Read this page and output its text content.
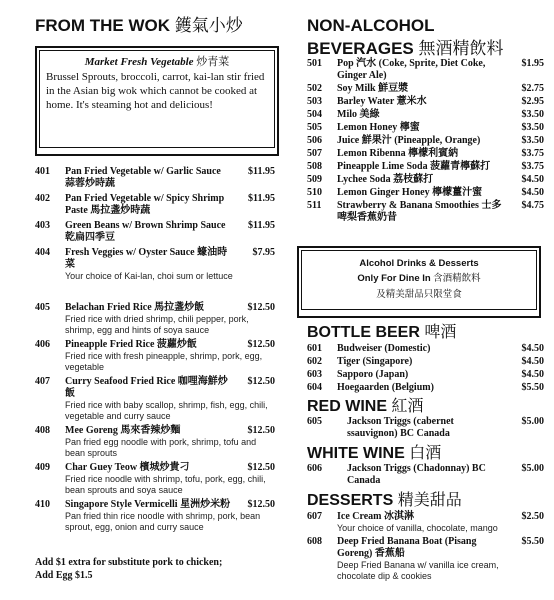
FROM THE WOK 鑊氣小炒
Market Fresh Vegetable 炒青菜
Brussel Sprouts, broccoli, carrot, kai-lan stir fried in the Asian big wok which cannot be cooked at home. It's steaming hot and delicious!
401 Pan Fried Vegetable w/ Garlic Sauce 蒜蓉炒時蔬
$11.95
402 Pan Fried Vegetable w/ Spicy Shrimp Paste 馬拉盞炒時蔬
$11.95
403 Green Beans w/ Brown Shrimp Sauce 乾扁四季豆
$11.95
404 Fresh Veggies w/ Oyster Sauce 蠔油時菜
$7.95
Your choice of Kai-lan, choi sum or lettuce
405 Belachan Fried Rice 馬拉盞炒飯	$12.50
Fried rice with dried shrimp, chili pepper, pork, shrimp, egg and hints of soya sauce
406 Pineapple Fried Rice 菠蘿炒飯	$12.50
Fried rice with fresh pineapple, shrimp, pork, egg, vegetable
407 Curry Seafood Fried Rice 咖哩海鮮炒飯
$12.50
Fried rice with baby scallop, shrimp, fish, egg, chili, vegetable and curry sauce
408 Mee Goreng 馬來香辣炒麵	$12.50
Pan fried egg noodle with pork, shrimp, tofu and bean sprouts
409 Char Guey Teow 檳城炒貴刁	$12.50
Fried rice noodle with shrimp, tofu, pork, egg, chili, bean sprouts and soya sauce
410 Singapore Style Vermicelli 星洲炒米粉 $12.50
Pan fried thin rice noodle with shrimp, pork, bean sprout, egg, onion and curry sauce
Add $1 extra for substitute pork to chicken;
Add Egg $1.5
NON-ALCOHOL
BEVERAGES 無酒精飲料
501 Pop 汽水 (Coke, Sprite, Diet Coke, Ginger Ale)
$1.95
502 Soy Milk 鮮豆漿	$2.75
503 Barley Water 薏米水	$2.95
504 Milo 美綠	$3.50
505 Lemon Honey 檸蜜	$3.50
506 Juice 鮮果汁 (Pineapple, Orange)	$3.50
507 Lemon Ribenna 檸檬利賓納	$3.75
508 Pineapple Lime Soda 菠蘿青檸蘇打	$3.75
509 Lychee Soda 荔枝蘇打	$4.50
510 Lemon Ginger Honey 檸檬薑汁蜜	$4.50
511 Strawberry & Banana Smoothies 士多啤梨香蕉奶昔
$4.75
Alcohol Drinks & Desserts
Only For Dine In 含酒精飲料
及精美甜品只限堂食
BOTTLE BEER 啤酒
601 Budweiser (Domestic)	$4.50
602 Tiger (Singapore)	$4.50
603 Sapporo (Japan)	$4.50
604 Hoegaarden (Belgium)	$5.50
RED WINE 紅酒
605	Jackson Triggs (cabernet ssauvignon) BC Canada
$5.00
WHITE WINE 白酒
606	Jackson Triggs (Chadonnay) BC Canada
$5.00
DESSERTS 精美甜品
607 Ice Cream 冰淇淋	$2.50
Your choice of vanilla, chocolate, mango
608 Deep Fried Banana Boat (Pisang Goreng) 香蕉船
$5.50
Deep Fried Banana w/ vanilla ice cream, chocolate dip & cookies
